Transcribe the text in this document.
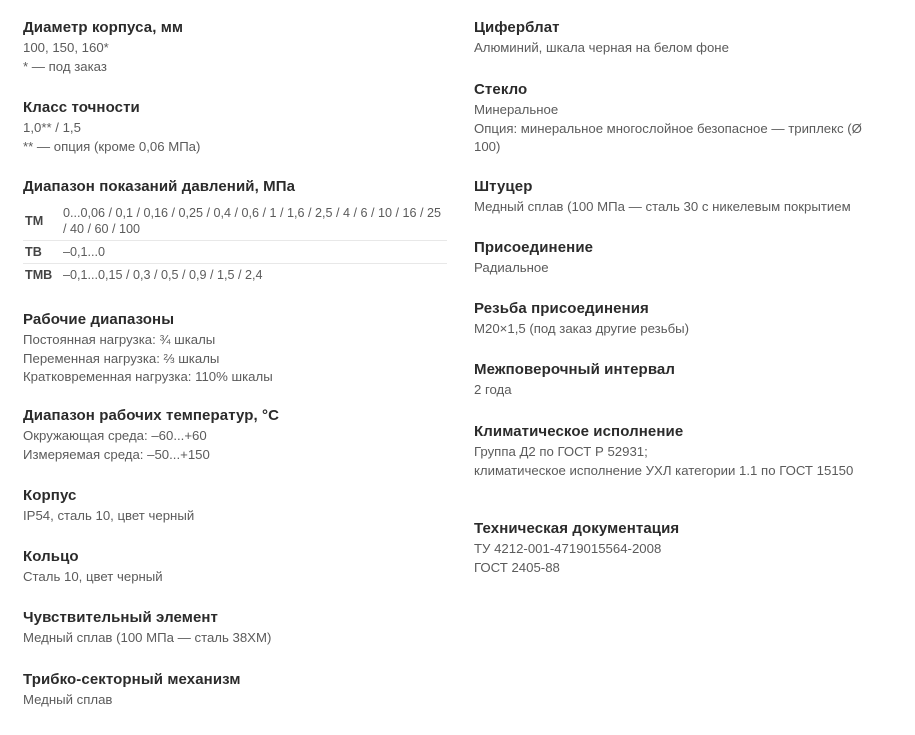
Диаметр корпуса, мм
100, 150, 160*
* — под заказ
Класс точности
1,0** / 1,5
** — опция (кроме 0,06 МПа)
Диапазон показаний давлений, МПа
ТМ	0...0,06 / 0,1 / 0,16 / 0,25 / 0,4 / 0,6 / 1 / 1,6 / 2,5 / 4 / 6 / 10 / 16 / 25 / 40 / 60 / 100
ТВ	–0,1...0
ТМВ	–0,1...0,15 / 0,3 / 0,5 / 0,9 / 1,5 / 2,4
Рабочие диапазоны
Постоянная нагрузка: ¾ шкалы
Переменная нагрузка: ⅔ шкалы
Кратковременная нагрузка: 110% шкалы
Диапазон рабочих температур, °С
Окружающая среда: –60...+60
Измеряемая среда: –50...+150
Корпус
IP54, сталь 10, цвет черный
Кольцо
Сталь 10, цвет черный
Чувствительный элемент
Медный сплав (100 МПа — сталь 38ХМ)
Трибко-секторный механизм
Медный сплав
Циферблат
Алюминий, шкала черная на белом фоне
Стекло
Минеральное
Опция: минеральное многослойное безопасное — триплекс (Ø
100)
Штуцер
Медный сплав (100 МПа — сталь 30 с никелевым покрытием
Присоединение
Радиальное
Резьба присоединения
М20×1,5 (под заказ другие резьбы)
Межповерочный интервал
2 года
Климатическое исполнение
Группа Д2 по ГОСТ Р 52931;
климатическое исполнение УХЛ категории 1.1 по ГОСТ 15150
Техническая документация
ТУ 4212-001-4719015564-2008
ГОСТ 2405-88
